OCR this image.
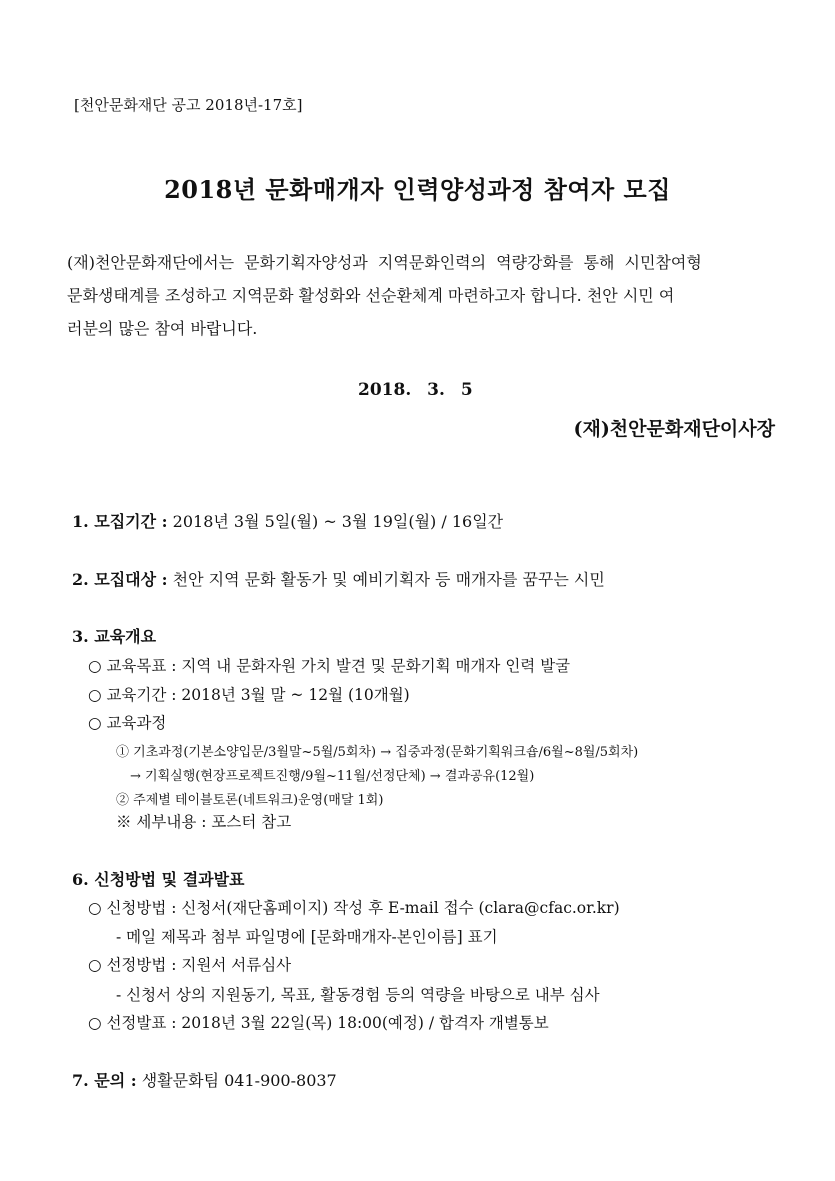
[천안문화재단 공고 2018년-17호]
2018년 문화매개자 인력양성과정 참여자 모집
(재)천안문화재단에서는 문화기획자양성과 지역문화인력의 역량강화를 통해 시민참여형
문화생태계를 조성하고 지역문화 활성화와 선순환체계 마련하고자 합니다. 천안 시민 여
러분의 많은 참여 바랍니다.
2018. 3. 5
(재)천안문화재단이사장
1. 모집기간 : 2018년 3월 5일(월) ~ 3월 19일(월) / 16일간
2. 모집대상 : 천안 지역 문화 활동가 및 예비기획자 등 매개자를 꿈꾸는 시민
3. 교육개요
○ 교육목표 : 지역 내 문화자원 가치 발견 및 문화기획 매개자 인력 발굴
○ 교육기간 : 2018년 3월 말 ~ 12월 (10개월)
○ 교육과정
① 기초과정(기본소양입문/3월말~5월/5회차) → 집중과정(문화기획워크숍/6월~8월/5회차)
→ 기획실행(현장프로젝트진행/9월~11월/선정단체) → 결과공유(12월)
② 주제별 테이블토론(네트워크)운영(매달 1회)
※ 세부내용 : 포스터 참고
6. 신청방법 및 결과발표
○ 신청방법 : 신청서(재단홈페이지) 작성 후 E-mail 접수 (clara@cfac.or.kr)
- 메일 제목과 첨부 파일명에 [문화매개자-본인이름] 표기
○ 선정방법 : 지원서 서류심사
- 신청서 상의 지원동기, 목표, 활동경험 등의 역량을 바탕으로 내부 심사
○ 선정발표 : 2018년 3월 22일(목) 18:00(예정) / 합격자 개별통보
7. 문의 : 생활문화팀 041-900-8037
